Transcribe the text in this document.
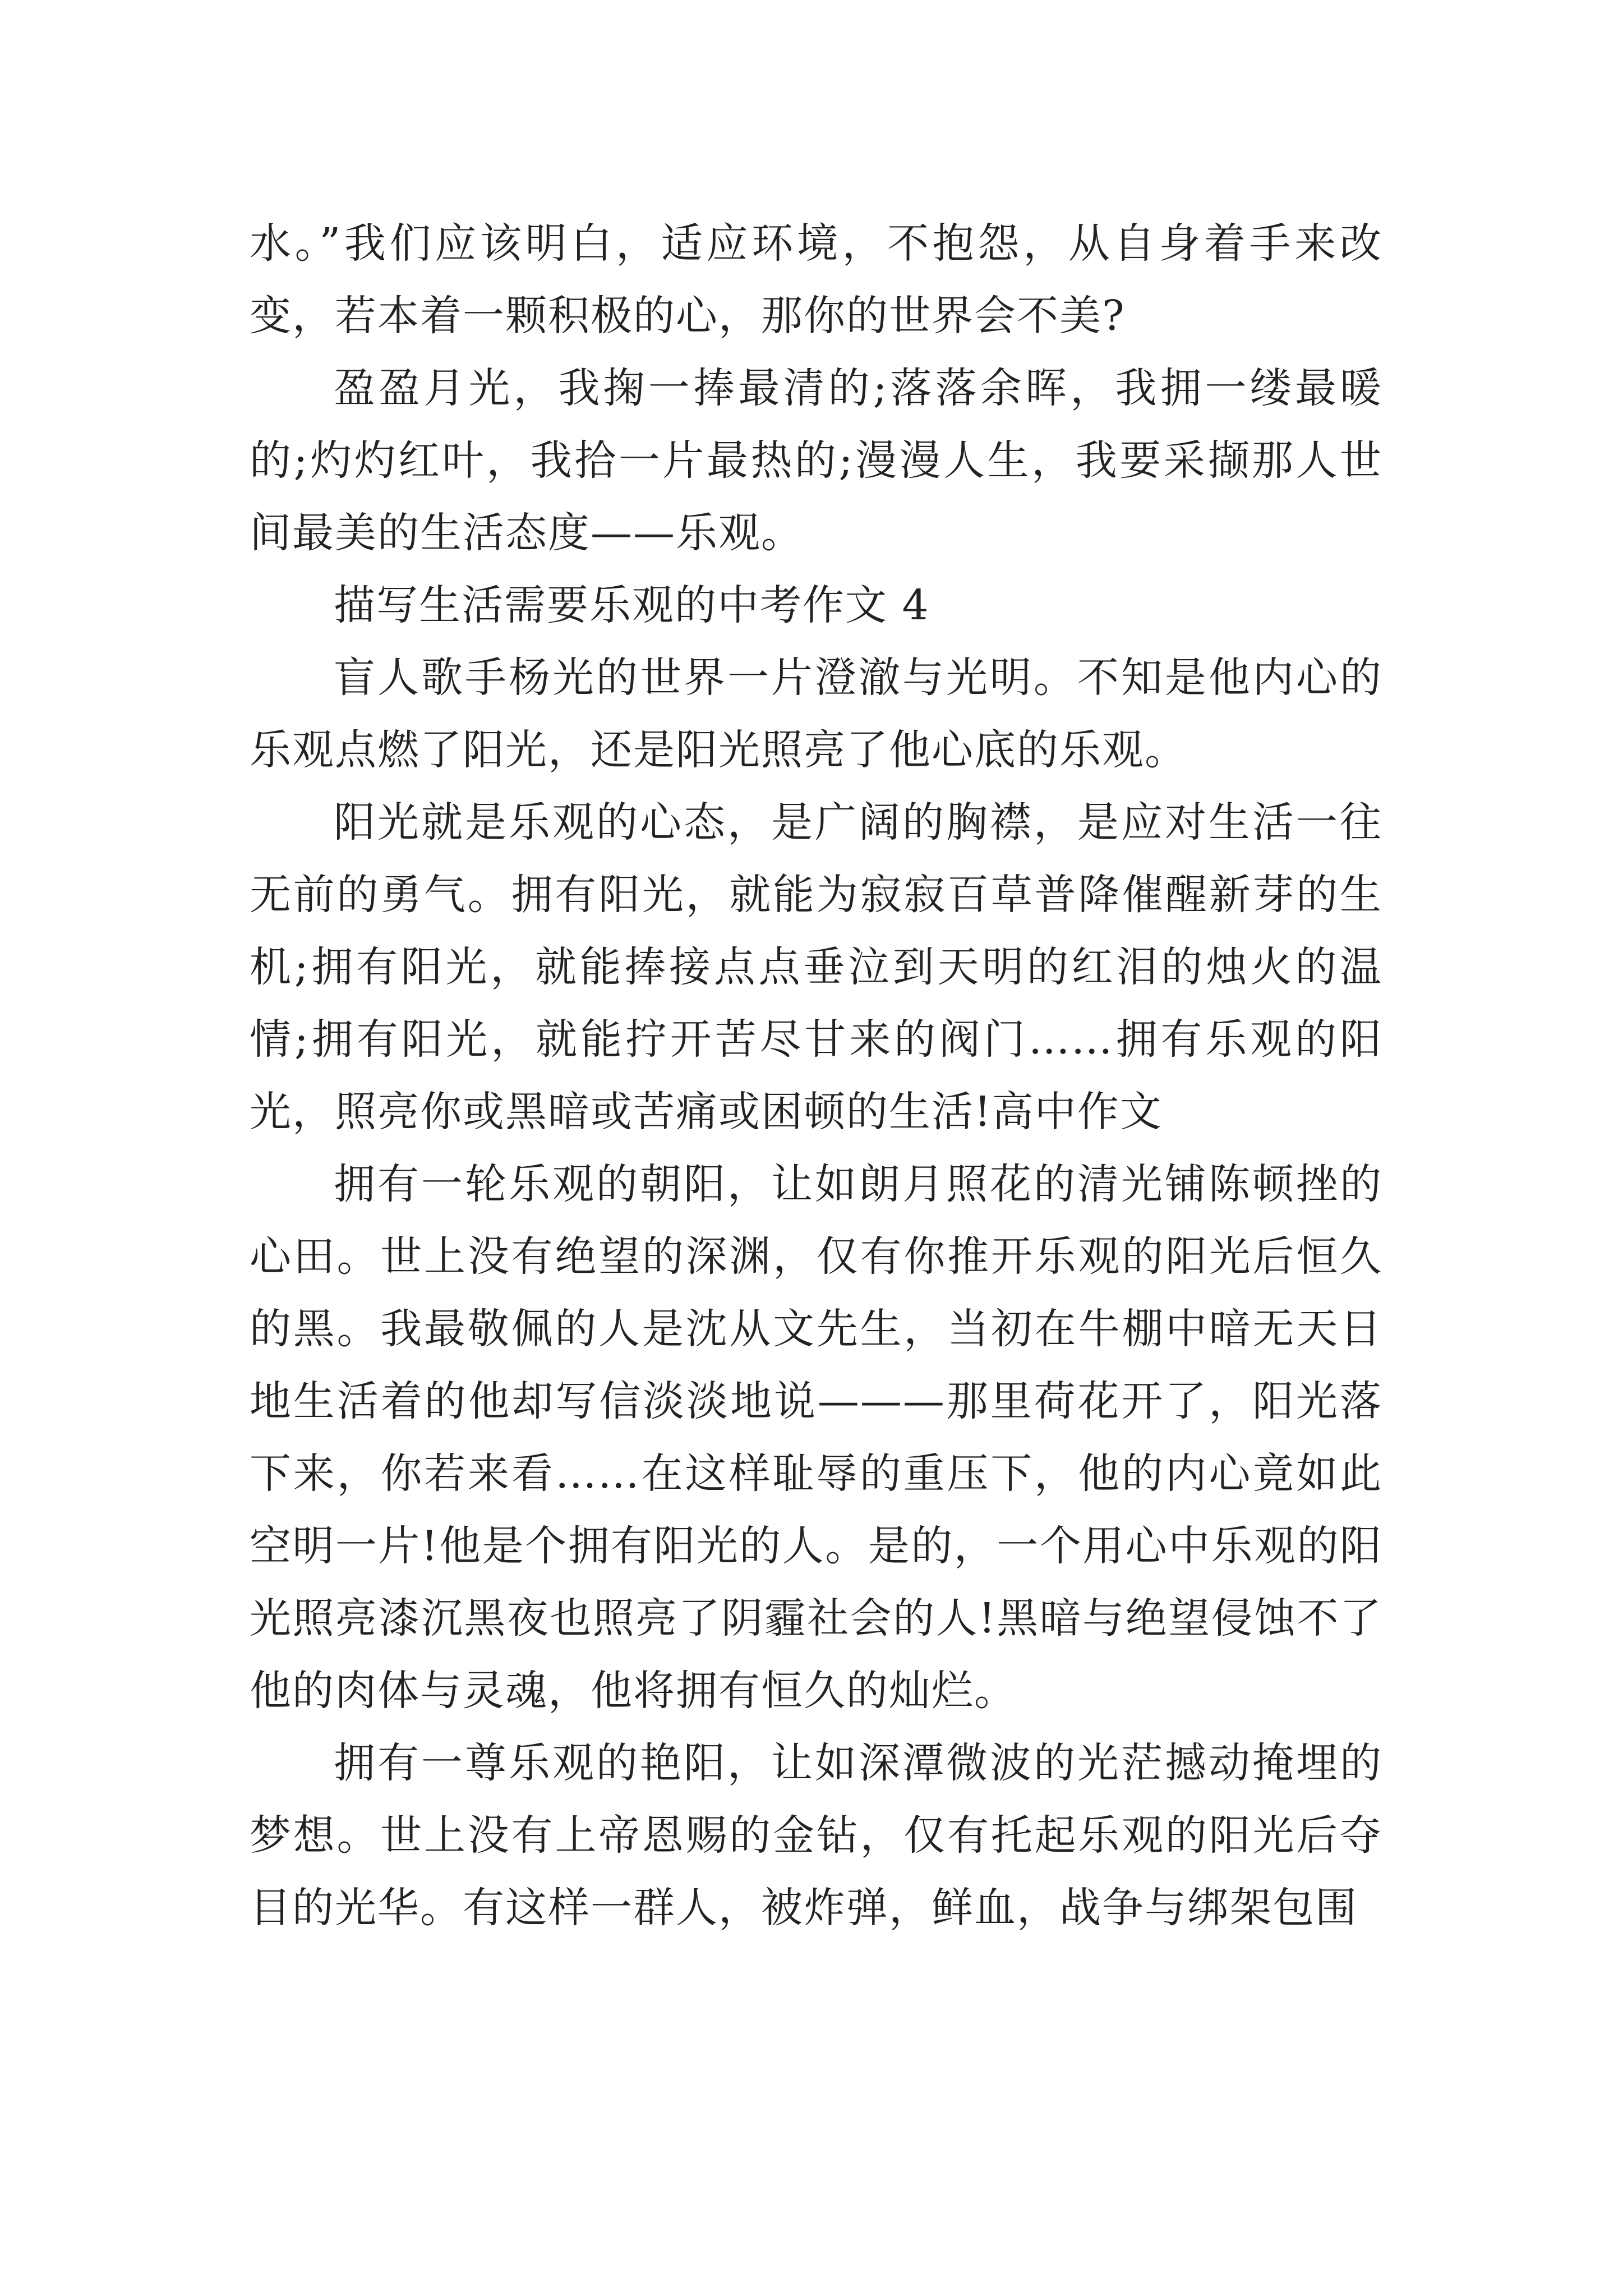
水。”我们应该明白，适应环境，不抱怨，从自身着手来改变，若本着一颗积极的心，那你的世界会不美?

盈盈月光，我掬一捧最清的;落落余晖，我拥一缕最暖的;灼灼红叶，我拾一片最热的;漫漫人生，我要采撷那人世间最美的生活态度——乐观。

描写生活需要乐观的中考作文 4

盲人歌手杨光的世界一片澄澈与光明。不知是他内心的乐观点燃了阳光，还是阳光照亮了他心底的乐观。

阳光就是乐观的心态，是广阔的胸襟，是应对生活一往无前的勇气。拥有阳光，就能为寂寂百草普降催醒新芽的生机;拥有阳光，就能捧接点点垂泣到天明的红泪的烛火的温情;拥有阳光，就能拧开苦尽甘来的阀门……拥有乐观的阳光，照亮你或黑暗或苦痛或困顿的生活!高中作文

拥有一轮乐观的朝阳，让如朗月照花的清光铺陈顿挫的心田。世上没有绝望的深渊，仅有你推开乐观的阳光后恒久的黑。我最敬佩的人是沈从文先生，当初在牛棚中暗无天日地生活着的他却写信淡淡地说———那里荷花开了，阳光落下来，你若来看……在这样耻辱的重压下，他的内心竟如此空明一片!他是个拥有阳光的人。是的，一个用心中乐观的阳光照亮漆沉黑夜也照亮了阴霾社会的人!黑暗与绝望侵蚀不了他的肉体与灵魂，他将拥有恒久的灿烂。

拥有一尊乐观的艳阳，让如深潭微波的光茫撼动掩埋的梦想。世上没有上帝恩赐的金钻，仅有托起乐观的阳光后夺目的光华。有这样一群人，被炸弹，鲜血，战争与绑架包围
